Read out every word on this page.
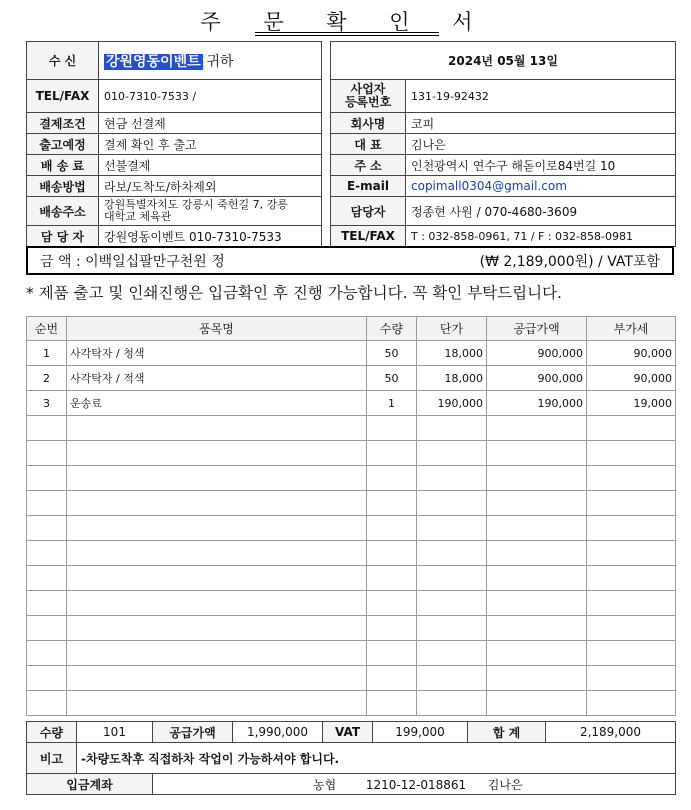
주 문 확 인 서
수 신	강원영동이벤트 귀하
TEL/FAX	010-7310-7533 /
결제조건	현금 선결제
출고예정	결제 확인 후 출고
배 송 료	선불결제
배송방법	라보/도착도/하차제외
배송주소	강원특별자치도 강릉시 죽헌길 7, 강릉
대학교 체육관

담 당 자	강원영동이벤트 010-7310-7533
2024년 05월 13일	

사업자
등록번호	131-19-92432
회사명	코피
대 표	김나은
주 소	인천광역시 연수구 해돋이로84번길 10
E-mail	copimall0304@gmail.com
담당자	정종현 사원 / 070-4680-3609
TEL/FAX	T : 032-858-0961, 71 / F : 032-858-0981
금 액 : 이백일십팔만구천원 정	(₩ 2,189,000원) / VAT포함
* 제품 출고 및 인쇄진행은 입금확인 후 진행 가능합니다. 꼭 확인 부탁드립니다.
순번	품목명	수량	단가	공급가액	부가세
1	사각탁자 / 청색	50	18,000	900,000	90,000
2	사각탁자 / 적색	50	18,000	900,000	90,000
3	운송료	1	190,000	190,000	19,000

수량	101	공급가액	1,990,000	VAT	199,000	합 계	2,189,000
비고	-차량도착후 직접하차 작업이 가능하셔야 합니다.						
입금계좌		농협 1210-12-018861 김나은					
